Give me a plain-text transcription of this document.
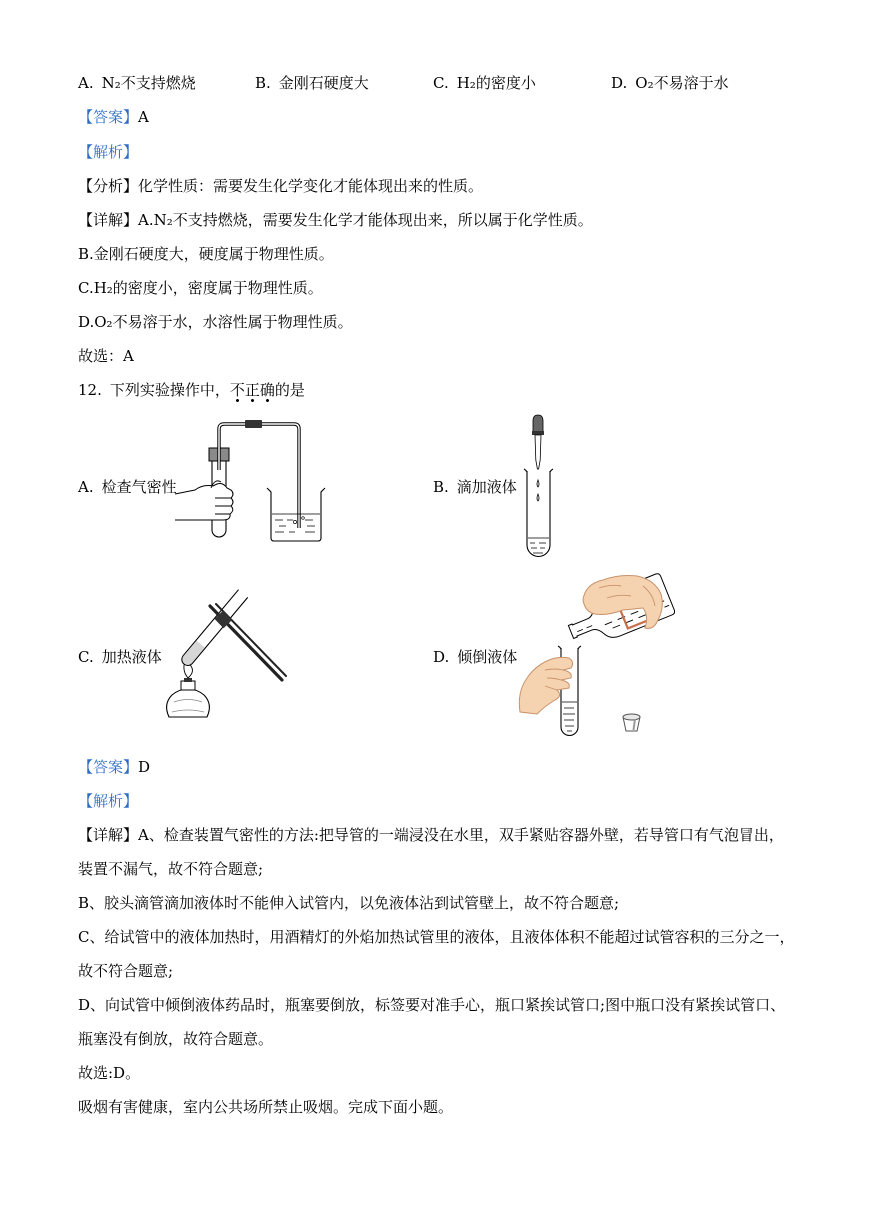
A. N₂不支持燃烧	B. 金刚石硬度大	C. H₂的密度小	D. O₂不易溶于水
【答案】A
【解析】
【分析】化学性质：需要发生化学变化才能体现出来的性质。
【详解】A.N₂不支持燃烧，需要发生化学才能体现出来，所以属于化学性质。
B.金刚石硬度大，硬度属于物理性质。
C.H₂的密度小，密度属于物理性质。
D.O₂不易溶于水，水溶性属于物理性质。
故选：A
12. 下列实验操作中，不正确的是
A. 检查气密性	B. 滴加液体
C. 加热液体	D. 倾倒液体
【答案】D
【解析】
【详解】A、检查装置气密性的方法:把导管的一端浸没在水里，双手紧贴容器外壁，若导管口有气泡冒出，
装置不漏气，故不符合题意;
B、胶头滴管滴加液体时不能伸入试管内，以免液体沾到试管壁上，故不符合题意;
C、给试管中的液体加热时，用酒精灯的外焰加热试管里的液体，且液体体积不能超过试管容积的三分之一，
故不符合题意;
D、向试管中倾倒液体药品时，瓶塞要倒放，标签要对准手心，瓶口紧挨试管口;图中瓶口没有紧挨试管口、
瓶塞没有倒放，故符合题意。
故选:D。
吸烟有害健康，室内公共场所禁止吸烟。完成下面小题。
